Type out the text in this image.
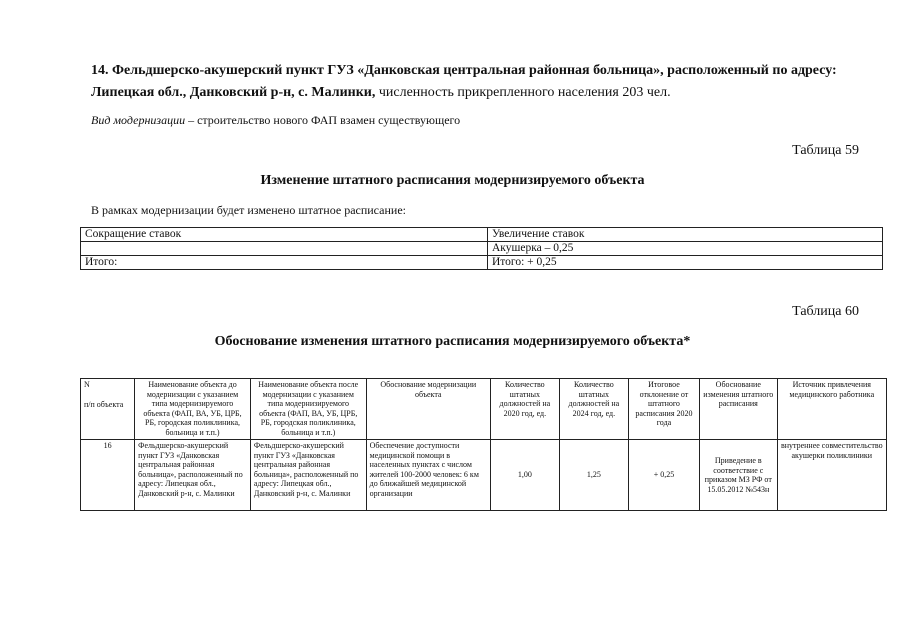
14. Фельдшерско-акушерский пункт ГУЗ «Данковская центральная районная больница», расположенный по адресу: Липецкая обл., Данковский р-н, с. Малинки, численность прикрепленного населения 203 чел.
Вид модернизации – строительство нового ФАП взамен существующего
Таблица 59
Изменение штатного расписания модернизируемого объекта
В рамках модернизации будет изменено штатное расписание:
Сокращение ставок	Увеличение ставок
	Акушерка – 0,25
Итого:	Итого: + 0,25
Таблица 60
Обоснование изменения штатного расписания модернизируемого объекта*
N
п/п объекта	Наименование объекта до модернизации с указанием типа модернизируемого объекта (ФАП, ВА, УБ, ЦРБ, РБ, городская поликлиника, больница и т.п.)	Наименование объекта после модернизации с указанием типа модернизируемого объекта (ФАП, ВА, УБ, ЦРБ, РБ, городская поликлиника, больница и т.п.)	Обоснование модернизации объекта	Количество штатных должностей на 2020 год, ед.	Количество штатных должностей на 2024 год, ед.	Итоговое отклонение от штатного расписания 2020 года	Обоснование изменения штатного расписания	Источник привлечения медицинского работника
16	Фельдшерско-акушерский пункт ГУЗ «Данковская центральная районная больница», расположенный по адресу: Липецкая обл., Данковский р-н, с. Малинки	Фельдшерско-акушерский пункт ГУЗ «Данковская центральная районная больница», расположенный по адресу: Липецкая обл., Данковский р-н, с. Малинки	Обеспечение доступности медицинской помощи в населенных пунктах с числом жителей 100-2000 человек: 6 км до ближайшей медицинской организации	1,00	1,25	+ 0,25	Приведение в соответствие с приказом МЗ РФ от 15.05.2012 №543н	внутреннее совместительство акушерки поликлиники
